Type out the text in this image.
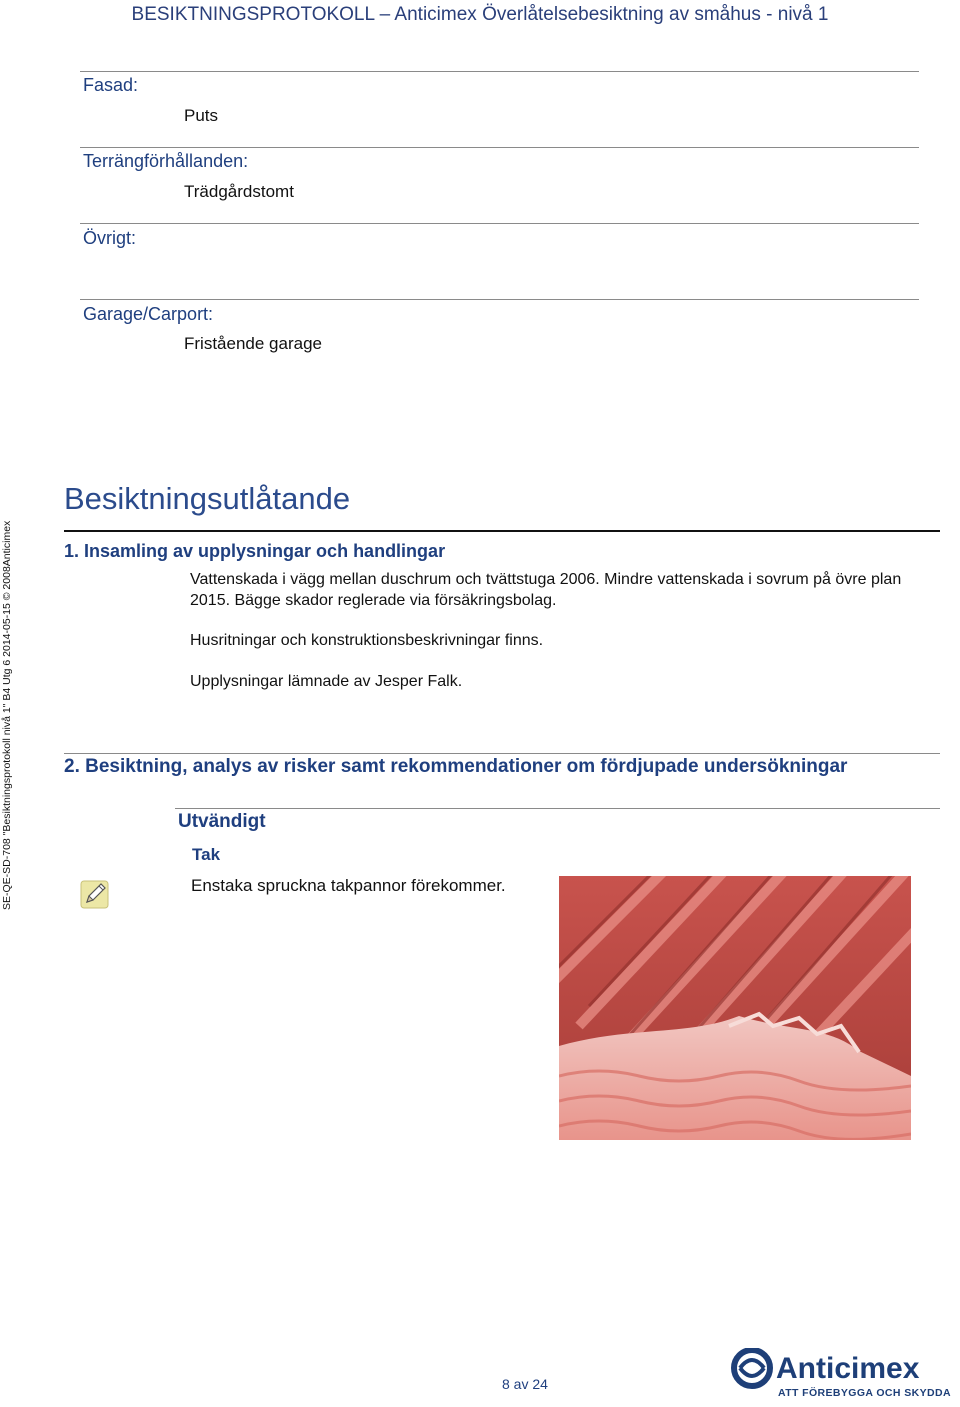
BESIKTNINGSPROTOKOLL – Anticimex Överlåtelsebesiktning av småhus - nivå 1
Fasad:
Puts
Terrängförhållanden:
Trädgårdstomt
Övrigt:
Garage/Carport:
Fristående garage
SE-QE-SD-708 "Besiktningsprotokoll nivå 1" B4 Utg 6 2014-05-15 © 2008Anticimex
Besiktningsutlåtande
1. Insamling av upplysningar och handlingar
Vattenskada i vägg mellan duschrum och tvättstuga 2006. Mindre vattenskada i sovrum på övre plan 2015. Bägge skador reglerade via försäkringsbolag.
Husritningar och konstruktionsbeskrivningar finns.
Upplysningar lämnade av Jesper Falk.
2. Besiktning, analys av risker samt rekommendationer om fördjupade undersökningar
Utvändigt
Tak
Enstaka spruckna takpannor förekommer.
8 av 24	Anticimex
ATT FÖREBYGGA OCH SKYDDA
